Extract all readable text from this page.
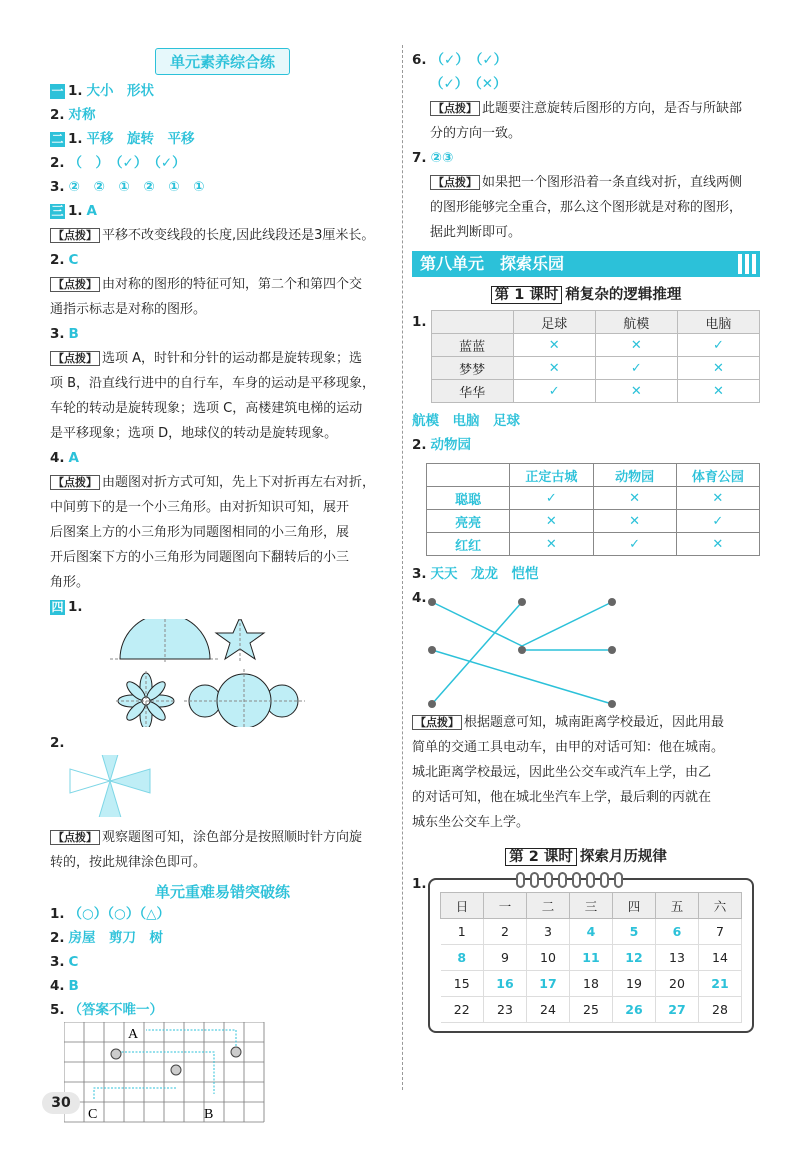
单元素养综合练
一 1. 大小　形状
2. 对称
二 1. 平移　旋转　平移
2. （　）　（✓）　（✓）
3. ②　②　①　②　①　①
三 1. A
【点拨】 平移不改变线段的长度,因此线段还是3厘米长。
2. C
【点拨】 由对称的图形的特征可知，第二个和第四个交
通指示标志是对称的图形。
3. B
【点拨】 选项 A，时针和分针的运动都是旋转现象；选
项 B，沿直线行进中的自行车，车身的运动是平移现象，
车轮的转动是旋转现象；选项 C，高楼建筑电梯的运动
是平移现象；选项 D，地球仪的转动是旋转现象。
4. A
【点拨】 由题图对折方式可知，先上下对折再左右对折，
中间剪下的是一个小三角形。由对折知识可知，展开
后图案上方的小三角形为同题图相同的小三角形，展
开后图案下方的小三角形为同题图向下翻转后的小三
角形。
四 1.
2.
【点拨】 观察题图可知，涂色部分是按照顺时针方向旋
转的，按此规律涂色即可。
单元重难易错突破练
1. （○）（○）（△）
2. 房屋　剪刀　树
3. C
4. B
5. （答案不唯一）
A
B
C
6. （✓）　（✓）
（✓）　（✕）
【点拨】 此题要注意旋转后图形的方向，是否与所缺部
分的方向一致。
7. ②③
【点拨】 如果把一个图形沿着一条直线对折，直线两侧
的图形能够完全重合，那么这个图形就是对称的图形，
据此判断即可。
第八单元　探索乐园
第 1 课时 稍复杂的逻辑推理
1.
		足球	航模	电脑
蓝蓝	✕	✕	✓
梦梦	✕	✓	✕
华华	✓	✕	✕
航模　电脑　足球
2. 动物园
	正定古城	动物园	体育公园
聪聪	✓	✕	✕
亮亮	✕	✕	✓
红红	✕	✓	✕
3. 天天　龙龙　恺恺
4.
【点拨】 根据题意可知，城南距离学校最近，因此用最
简单的交通工具电动车，由甲的对话可知：他在城南。
城北距离学校最远，因此坐公交车或汽车上学，由乙
的对话可知，他在城北坐汽车上学，最后剩的丙就在
城东坐公交车上学。
第 2 课时 探索月历规律
1.
日	一	二	三	四	五	六
1	2	3	4	5	6	7
8	9	10	11	12	13	14
15	16	17	18	19	20	21
22	23	24	25	26	27	28
30
